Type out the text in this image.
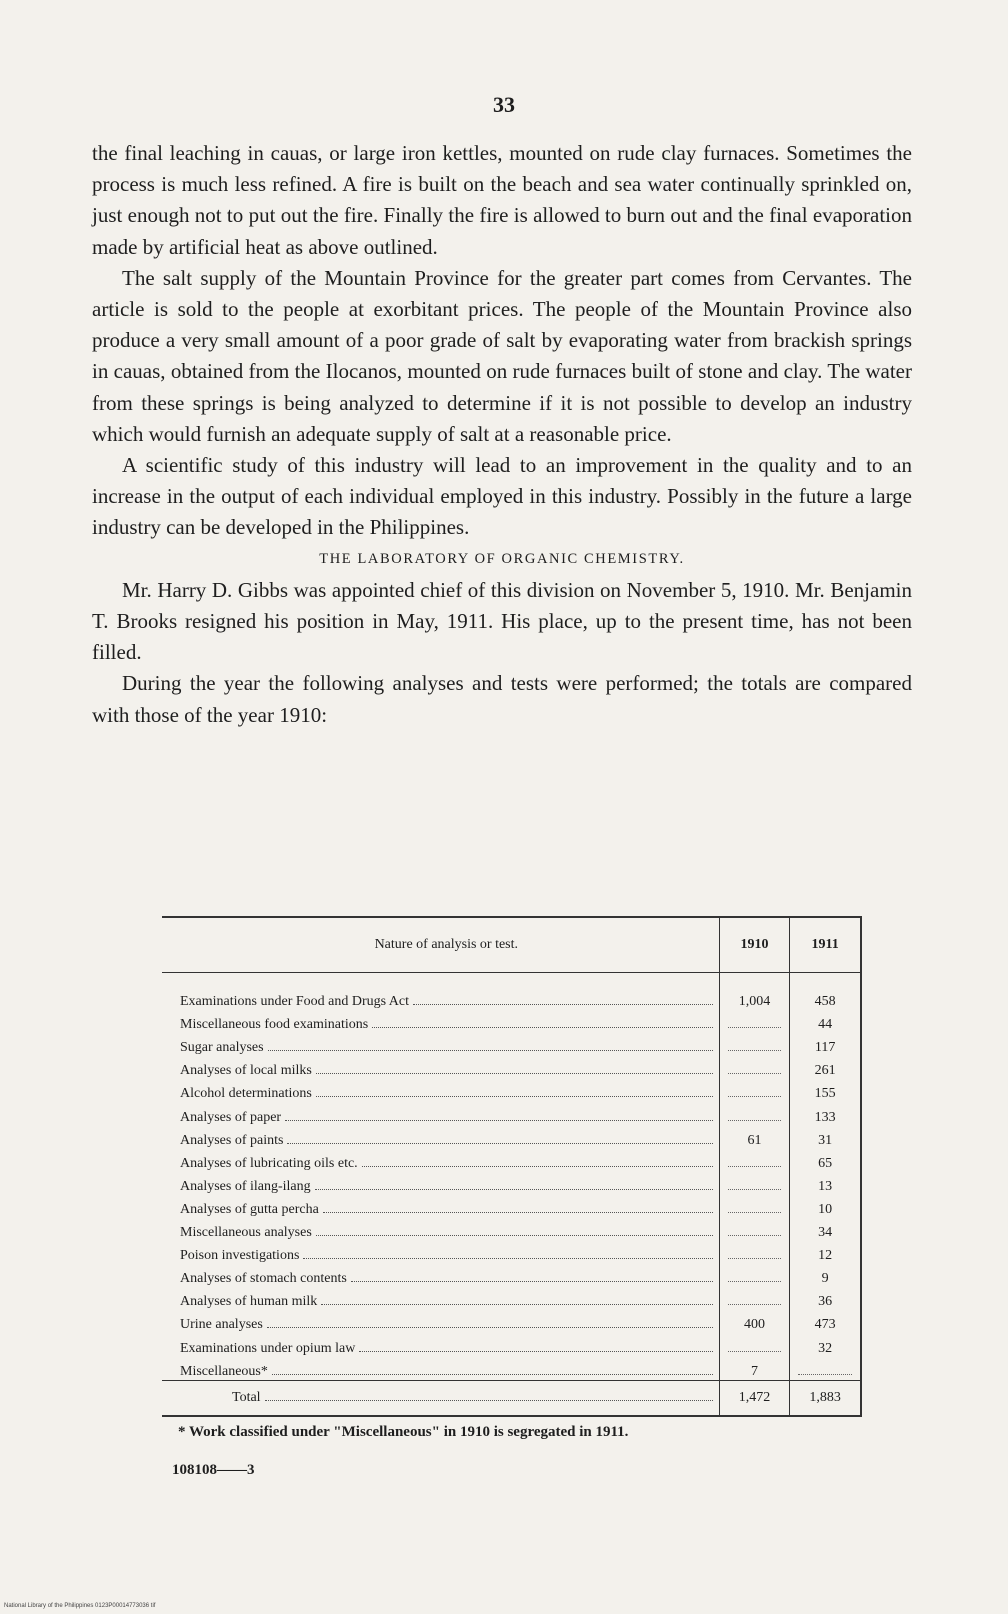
33

the final leaching in cauas, or large iron kettles, mounted on rude clay furnaces. Sometimes the process is much less refined. A fire is built on the beach and sea water continually sprinkled on, just enough not to put out the fire. Finally the fire is allowed to burn out and the final evaporation made by artificial heat as above outlined.

The salt supply of the Mountain Province for the greater part comes from Cervantes. The article is sold to the people at exorbitant prices. The people of the Mountain Province also produce a very small amount of a poor grade of salt by evaporating water from brackish springs in cauas, obtained from the Ilocanos, mounted on rude furnaces built of stone and clay. The water from these springs is being analyzed to determine if it is not possible to develop an industry which would furnish an adequate supply of salt at a reasonable price.

A scientific study of this industry will lead to an improvement in the quality and to an increase in the output of each individual employed in this industry. Possibly in the future a large industry can be developed in the Philippines.

THE LABORATORY OF ORGANIC CHEMISTRY.

Mr. Harry D. Gibbs was appointed chief of this division on November 5, 1910. Mr. Benjamin T. Brooks resigned his position in May, 1911. His place, up to the present time, has not been filled.

During the year the following analyses and tests were performed; the totals are compared with those of the year 1910:

Nature of analysis or test.	1910	1911

Examinations under Food and Drugs Act	1,004	458

Miscellaneous food examinations		44

Sugar analyses		117

Analyses of local milks		261

Alcohol determinations		155

Analyses of paper		133

Analyses of paints	61	31

Analyses of lubricating oils etc.		65

Analyses of ilang-ilang		13

Analyses of gutta percha		10

Miscellaneous analyses		34

Poison investigations		12

Analyses of stomach contents		9

Analyses of human milk		36

Urine analyses	400	473

Examinations under opium law		32

Miscellaneous*	7	

Total	1,472	1,883
* Work classified under "Miscellaneous" in 1910 is segregated in 1911.
108108——3
National Library of the Philippines 0123P00014773036 tif
